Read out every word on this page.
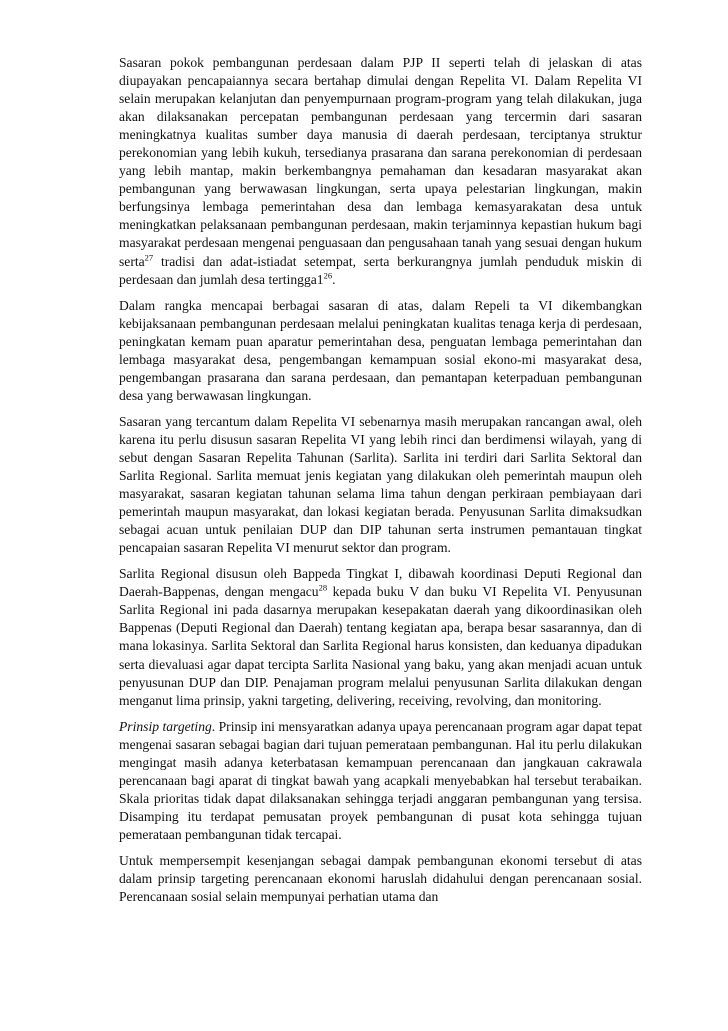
Sasaran pokok pembangunan perdesaan dalam PJP II seperti telah di jelaskan di atas diupayakan pencapaiannya secara bertahap dimulai dengan Repelita VI. Dalam Repelita VI selain merupakan kelanjutan dan penyempurnaan program-program yang telah dilakukan, juga akan dilaksanakan percepatan pembangunan perdesaan yang tercermin dari sasaran meningkatnya kualitas sumber daya manusia di daerah perdesaan, terciptanya struktur perekonomian yang lebih kukuh, tersedianya prasarana dan sarana perekonomian di perdesaan yang lebih mantap, makin berkembangnya pemahaman dan kesadaran masyarakat akan pembangunan yang berwawasan lingkungan, serta upaya pelestarian lingkungan, makin berfungsinya lembaga pemerintahan desa dan lembaga kemasyarakatan desa untuk meningkatkan pelaksanaan pembangunan perdesaan, makin terjaminnya kepastian hukum bagi masyarakat perdesaan mengenai penguasaan dan pengusahaan tanah yang sesuai dengan hukum serta$^{27}$ tradisi dan adat-istiadat setempat, serta berkurangnya jumlah penduduk miskin di perdesaan dan jumlah desa tertingga1$^{26}$.

Dalam rangka mencapai berbagai sasaran di atas, dalam Repeli ta VI dikembangkan kebijaksanaan pembangunan perdesaan melalui peningkatan kualitas tenaga kerja di perdesaan, peningkatan kemam puan aparatur pemerintahan desa, penguatan lembaga pemerintahan dan lembaga masyarakat desa, pengembangan kemampuan sosial ekono-mi masyarakat desa, pengembangan prasarana dan sarana perdesaan, dan pemantapan keterpaduan pembangunan desa yang berwawasan lingkungan.

Sasaran yang tercantum dalam Repelita VI sebenarnya masih merupakan rancangan awal, oleh karena itu perlu disusun sasaran Repelita VI yang lebih rinci dan berdimensi wilayah, yang di sebut dengan Sasaran Repelita Tahunan (Sarlita). Sarlita ini terdiri dari Sarlita Sektoral dan Sarlita Regional. Sarlita memuat jenis kegiatan yang dilakukan oleh pemerintah maupun oleh masyarakat, sasaran kegiatan tahunan selama lima tahun dengan perkiraan pembiayaan dari pemerintah maupun masyarakat, dan lokasi kegiatan berada. Penyusunan Sarlita dimaksudkan sebagai acuan untuk penilaian DUP dan DIP tahunan serta instrumen pemantauan tingkat pencapaian sasaran Repelita VI menurut sektor dan program.

Sarlita Regional disusun oleh Bappeda Tingkat I, dibawah koordinasi Deputi Regional dan Daerah-Bappenas, dengan mengacu$^{28}$ kepada buku V dan buku VI Repelita VI. Penyusunan Sarlita Regional ini pada dasarnya merupakan kesepakatan daerah yang dikoordinasikan oleh Bappenas (Deputi Regional dan Daerah) tentang kegiatan apa, berapa besar sasarannya, dan di mana lokasinya. Sarlita Sektoral dan Sarlita Regional harus konsisten, dan keduanya dipadukan serta dievaluasi agar dapat tercipta Sarlita Nasional yang baku, yang akan menjadi acuan untuk penyusunan DUP dan DIP. Penajaman program melalui penyusunan Sarlita dilakukan dengan menganut lima prinsip, yakni targeting, delivering, receiving, revolving, dan monitoring.

Prinsip targeting. Prinsip ini mensyaratkan adanya upaya perencanaan program agar dapat tepat mengenai sasaran sebagai bagian dari tujuan pemerataan pembangunan. Hal itu perlu dilakukan mengingat masih adanya keterbatasan kemampuan perencanaan dan jangkauan cakrawala perencanaan bagi aparat di tingkat bawah yang acapkali menyebabkan hal tersebut terabaikan. Skala prioritas tidak dapat dilaksanakan sehingga terjadi anggaran pembangunan yang tersisa. Disamping itu terdapat pemusatan proyek pembangunan di pusat kota sehingga tujuan pemerataan pembangunan tidak tercapai.

Untuk mempersempit kesenjangan sebagai dampak pembangunan ekonomi tersebut di atas dalam prinsip targeting perencanaan ekonomi haruslah didahului dengan perencanaan sosial. Perencanaan sosial selain mempunyai perhatian utama dan
